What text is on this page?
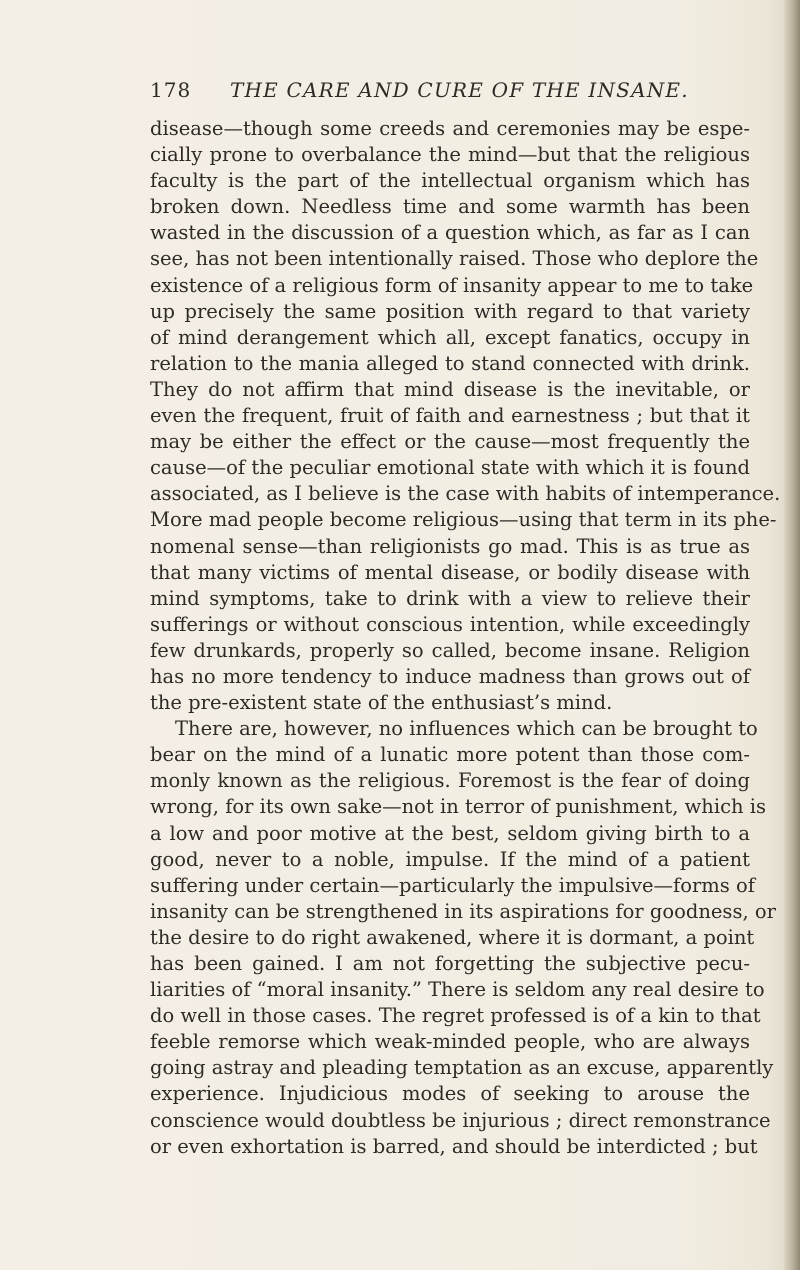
178 THE CARE AND CURE OF THE INSANE.
disease—though some creeds and ceremonies may be espe-
cially prone to overbalance the mind—but that the religious
faculty is the part of the intellectual organism which has
broken down. Needless time and some warmth has been
wasted in the discussion of a question which, as far as I can
see, has not been intentionally raised. Those who deplore the
existence of a religious form of insanity appear to me to take
up precisely the same position with regard to that variety
of mind derangement which all, except fanatics, occupy in
relation to the mania alleged to stand connected with drink.
They do not affirm that mind disease is the inevitable, or
even the frequent, fruit of faith and earnestness ; but that it
may be either the effect or the cause—most frequently the
cause—of the peculiar emotional state with which it is found
associated, as I believe is the case with habits of intemperance.
More mad people become religious—using that term in its phe-
nomenal sense—than religionists go mad. This is as true as
that many victims of mental disease, or bodily disease with
mind symptoms, take to drink with a view to relieve their
sufferings or without conscious intention, while exceedingly
few drunkards, properly so called, become insane. Religion
has no more tendency to induce madness than grows out of
the pre-existent state of the enthusiast’s mind.
There are, however, no influences which can be brought to
bear on the mind of a lunatic more potent than those com-
monly known as the religious. Foremost is the fear of doing
wrong, for its own sake—not in terror of punishment, which is
a low and poor motive at the best, seldom giving birth to a
good, never to a noble, impulse. If the mind of a patient
suffering under certain—particularly the impulsive—forms of
insanity can be strengthened in its aspirations for goodness, or
the desire to do right awakened, where it is dormant, a point
has been gained. I am not forgetting the subjective pecu-
liarities of “moral insanity.” There is seldom any real desire to
do well in those cases. The regret professed is of a kin to that
feeble remorse which weak-minded people, who are always
going astray and pleading temptation as an excuse, apparently
experience. Injudicious modes of seeking to arouse the
conscience would doubtless be injurious ; direct remonstrance
or even exhortation is barred, and should be interdicted ; but
